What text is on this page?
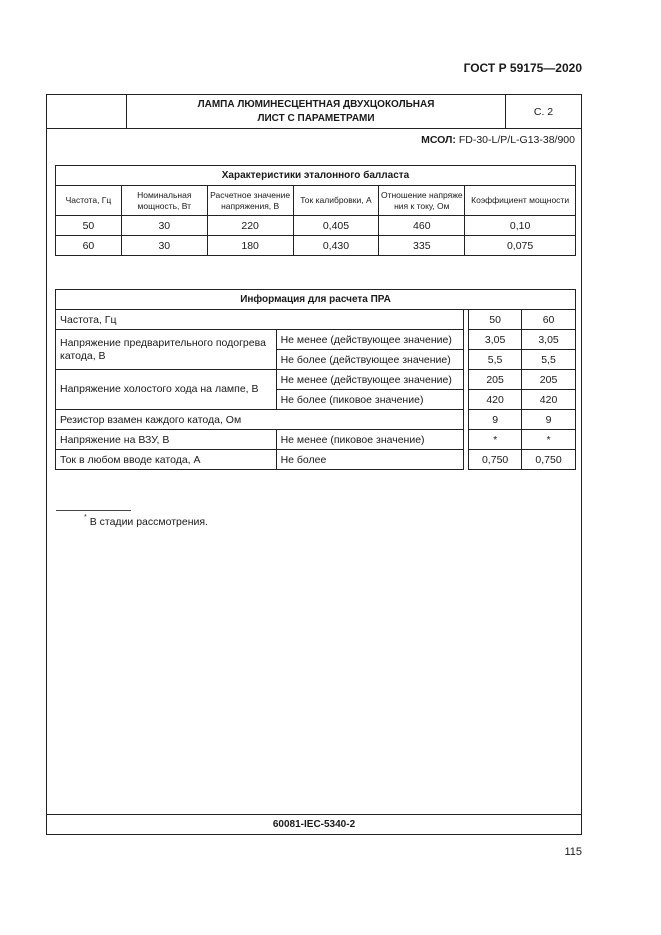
ГОСТ Р 59175—2020
ЛАМПА ЛЮМИНЕСЦЕНТНАЯ ДВУХЦОКОЛЬНАЯ
ЛИСТ С ПАРАМЕТРАМИ
С. 2
МСОЛ: FD-30-L/P/L-G13-38/900
Характеристики эталонного балласта					
Частота, Гц	Номинальная мощность, Вт	Расчетное значение напряжения, В	Ток калибровки, А	Отношение напряже ния к току, Ом	Коэффициент мощности
50	30	220	0,405	460	0,10
60	30	180	0,430	335	0,075
Информация для расчета ПРА				
Частота, Гц			50	60
Напряжение предварительного подогрева катода, В	Не менее (действующее значение)		3,05	3,05
	Не более (действующее значение)		5,5	5,5
Напряжение холостого хода на лампе, В	Не менее (действующее значение)		205	205
	Не более (пиковое значение)		420	420
Резистор взамен каждого катода, Ом			9	9
Напряжение на ВЗУ, В	Не менее (пиковое значение)		*	*
Ток в любом вводе катода, А	Не более		0,750	0,750
60081-IEC-5340-2
* В стадии рассмотрения.
115
